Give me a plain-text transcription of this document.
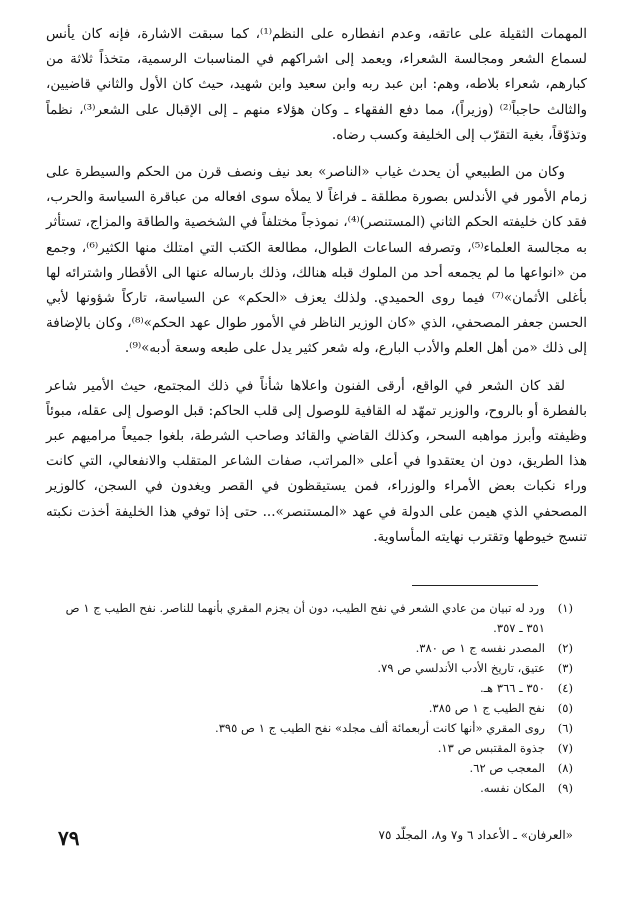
المهمات الثقيلة على عاتقه، وعدم انفطاره على النظم⁽¹⁾، كما سبقت الاشارة، فإنه كان يأنس لسماع الشعر ومجالسة الشعراء، ويعمد إلى اشراكهم في المناسبات الرسمية، متخذاً ثلاثة من كبارهم، شعراء بلاطه، وهم: ابن عبد ربه وابن سعيد وابن شهيد، حيث كان الأول والثاني قاضيين، والثالث حاجباً⁽²⁾ (وزيراً)، مما دفع الفقهاء ـ وكان هؤلاء منهم ـ إلى الإقبال على الشعر⁽³⁾، نظماً وتذوّقاً، بغية التقرّب إلى الخليفة وكسب رضاه.

وكان من الطبيعي أن يحدث غياب «الناصر» بعد نيف ونصف قرن من الحكم والسيطرة على زمام الأمور في الأندلس بصورة مطلقة ـ فراغاً لا يملأه سوى افعاله من عباقرة السياسة والحرب، فقد كان خليفته الحكم الثاني (المستنصر)⁽⁴⁾، نموذجاً مختلفاً في الشخصية والطاقة والمزاج، تستأثر به مجالسة العلماء⁽⁵⁾، وتصرفه الساعات الطوال، مطالعة الكتب التي امتلك منها الكثير⁽⁶⁾، وجمع من «انواعها ما لم يجمعه أحد من الملوك قبله هنالك، وذلك بارساله عنها الى الأقطار واشترائه لها بأغلى الأثمان»⁽⁷⁾ فيما روى الحميدي. ولذلك يعزف «الحكم» عن السياسة، تاركاً شؤونها لأبي الحسن جعفر المصحفي، الذي «كان الوزير الناظر في الأمور طوال عهد الحكم»⁽⁸⁾، وكان بالإضافة إلى ذلك «من أهل العلم والأدب البارع، وله شعر كثير يدل على طبعه وسعة أدبه»⁽⁹⁾.

لقد كان الشعر في الواقع، أرقى الفنون واعلاها شأناً في ذلك المجتمع، حيث الأمير شاعر بالفطرة أو بالروح، والوزير تمهّد له القافية للوصول إلى قلب الحاكم: قبل الوصول إلى عقله، مبوئاً وظيفته وأبرز مواهبه السحر، وكذلك القاضي والقائد وصاحب الشرطة، بلغوا جميعاً مراميهم عبر هذا الطريق، دون ان يعتقدوا في أعلى «المراتب، صفات الشاعر المتقلب والانفعالي، التي كانت وراء نكبات بعض الأمراء والوزراء، فمن يستيقظون في القصر ويغدون في السجن، كالوزير المصحفي الذي هيمن على الدولة في عهد «المستنصر»... حتى إذا توفي هذا الخليفة أخذت نكبته تنسج خيوطها وتقترب نهايته المأساوية.

(١)
ورد له تبيان من عادي الشعر في نفح الطيب، دون أن يجزم المقري بأنهما للناصر. نفح الطيب ج ١ ص ٣٥١ ـ ٣٥٧.
(٢)
المصدر نفسه ج ١ ص ٣٨٠.
(٣)
عتيق، تاريخ الأدب الأندلسي ص ٧٩.
(٤)
٣٥٠ ـ ٣٦٦ هـ.
(٥)
نفح الطيب ج ١ ص ٣٨٥.
(٦)
روى المقري «أنها كانت أربعمائة ألف مجلد» نفح الطيب ج ١ ص ٣٩٥.
(٧)
جذوة المقتبس ص ١٣.
(٨)
المعجب ص ٦٢.
(٩)
المكان نفسه.
٧٩	«العرفان» ـ الأعداد ٦ و٧ و٨، المجلّد ٧٥
